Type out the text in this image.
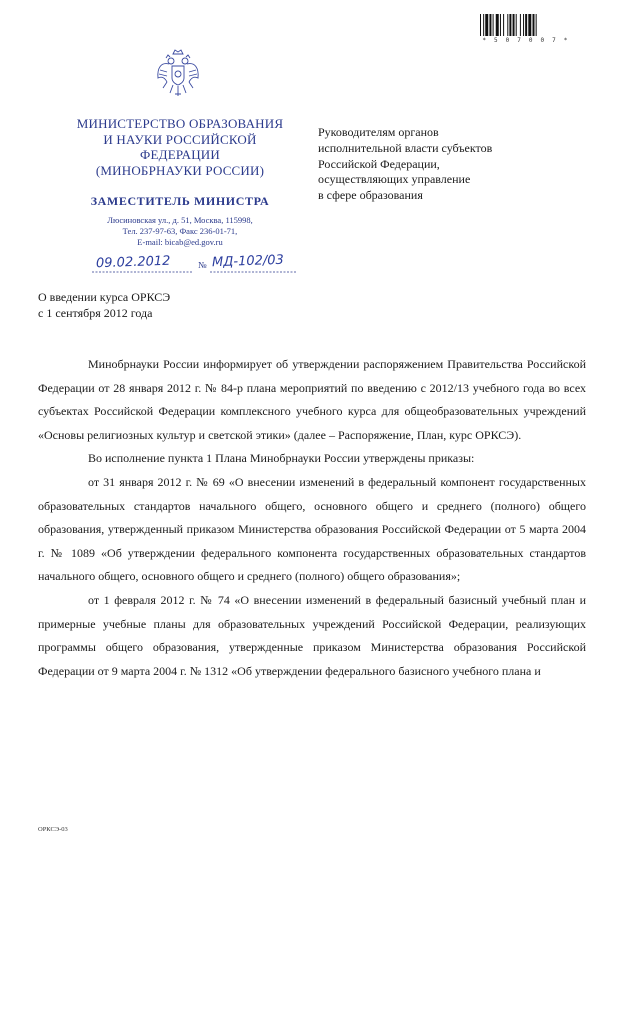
* 5 0 7 0 0 7 *
МИНИСТЕРСТВО ОБРАЗОВАНИЯ
И НАУКИ РОССИЙСКОЙ
ФЕДЕРАЦИИ
(МИНОБРНАУКИ РОССИИ)
ЗАМЕСТИТЕЛЬ МИНИСТРА
Люсиновская ул., д. 51, Москва, 115998,
Тел. 237-97-63, Факс 236-01-71,
E-mail: bicab@ed.gov.ru
09.02.2012	№ МД-102/03
Руководителям органов
исполнительной власти субъектов
Российской Федерации,
осуществляющих управление
в сфере образования
О введении курса ОРКСЭ
с 1 сентября 2012 года

Минобрнауки России информирует об утверждении распоряжением Правительства Российской Федерации от 28 января 2012 г. № 84-р плана мероприятий по введению с 2012/13 учебного года во всех субъектах Российской Федерации комплексного учебного курса для общеобразовательных учреждений «Основы религиозных культур и светской этики» (далее – Распоряжение, План, курс ОРКСЭ).

Во исполнение пункта 1 Плана Минобрнауки России утверждены приказы:

от 31 января 2012 г. № 69 «О внесении изменений в федеральный компонент государственных образовательных стандартов начального общего, основного общего и среднего (полного) общего образования, утвержденный приказом Министерства образования Российской Федерации от 5 марта 2004 г. № 1089 «Об утверждении федерального компонента государственных образовательных стандартов начального общего, основного общего и среднего (полного) общего образования»;

от 1 февраля 2012 г. № 74 «О внесении изменений в федеральный базисный учебный план и примерные учебные планы для образовательных учреждений Российской Федерации, реализующих программы общего образования, утвержденные приказом Министерства образования Российской Федерации от 9 марта 2004 г. № 1312 «Об утверждении федерального базисного учебного плана и

ОРКСЭ-03
